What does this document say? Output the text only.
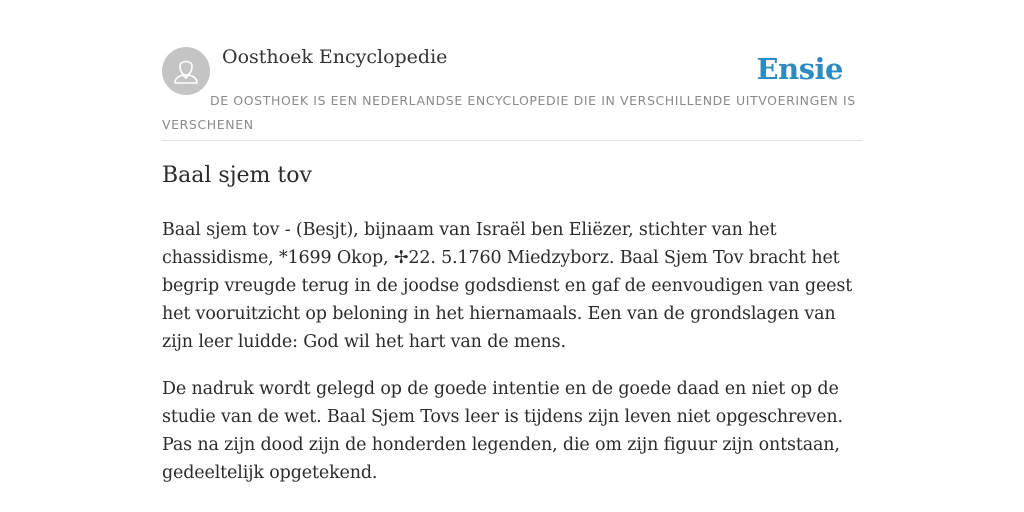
Oosthoek Encyclopedie	Ensie
DE OOSTHOEK IS EEN NEDERLANDSE ENCYCLOPEDIE DIE IN VERSCHILLENDE UITVOERINGEN IS VERSCHENEN
Baal sjem tov

Baal sjem tov - (Besjt), bijnaam van Israël ben Eliëzer, stichter van het chassidisme, *1699 Okop, ✢22. 5.1760 Miedzyborz. Baal Sjem Tov bracht het begrip vreugde terug in de joodse godsdienst en gaf de eenvoudigen van geest het vooruitzicht op beloning in het hiernamaals. Een van de grondslagen van zijn leer luidde: God wil het hart van de mens.

De nadruk wordt gelegd op de goede intentie en de goede daad en niet op de studie van de wet. Baal Sjem Tovs leer is tijdens zijn leven niet opgeschreven. Pas na zijn dood zijn de honderden legenden, die om zijn figuur zijn ontstaan, gedeeltelijk opgetekend.
